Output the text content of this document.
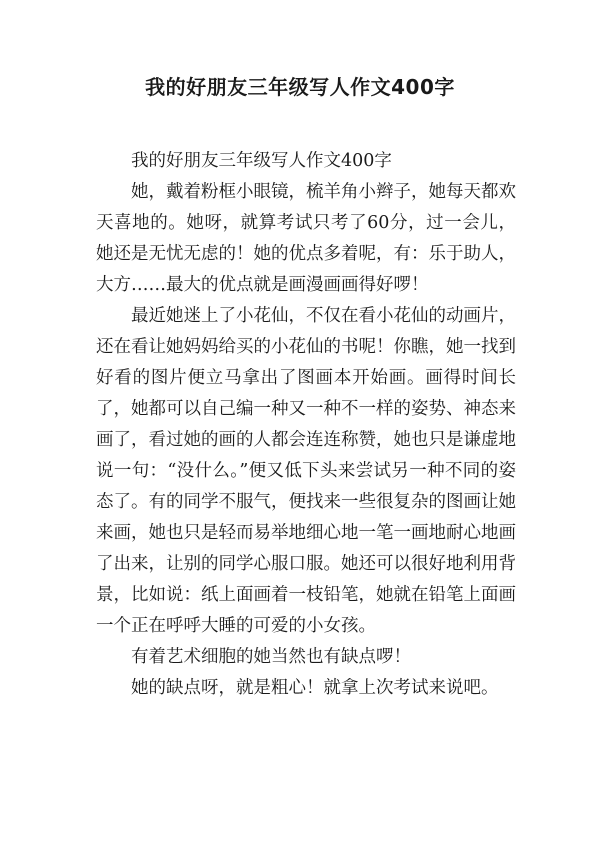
我的好朋友三年级写人作文400字

我的好朋友三年级写人作文400字

她，戴着粉框小眼镜，梳羊角小辫子，她每天都欢天喜地的。她呀，就算考试只考了60分，过一会儿，她还是无忧无虑的！她的优点多着呢，有：乐于助人，大方……最大的优点就是画漫画画得好啰！

最近她迷上了小花仙，不仅在看小花仙的动画片，还在看让她妈妈给买的小花仙的书呢！你瞧，她一找到好看的图片便立马拿出了图画本开始画。画得时间长了，她都可以自己编一种又一种不一样的姿势、神态来画了，看过她的画的人都会连连称赞，她也只是谦虚地说一句：“没什么。”便又低下头来尝试另一种不同的姿态了。有的同学不服气，便找来一些很复杂的图画让她来画，她也只是轻而易举地细心地一笔一画地耐心地画了出来，让别的同学心服口服。她还可以很好地利用背景，比如说：纸上面画着一枝铅笔，她就在铅笔上面画一个正在呼呼大睡的可爱的小女孩。

有着艺术细胞的她当然也有缺点啰！

她的缺点呀，就是粗心！就拿上次考试来说吧。
